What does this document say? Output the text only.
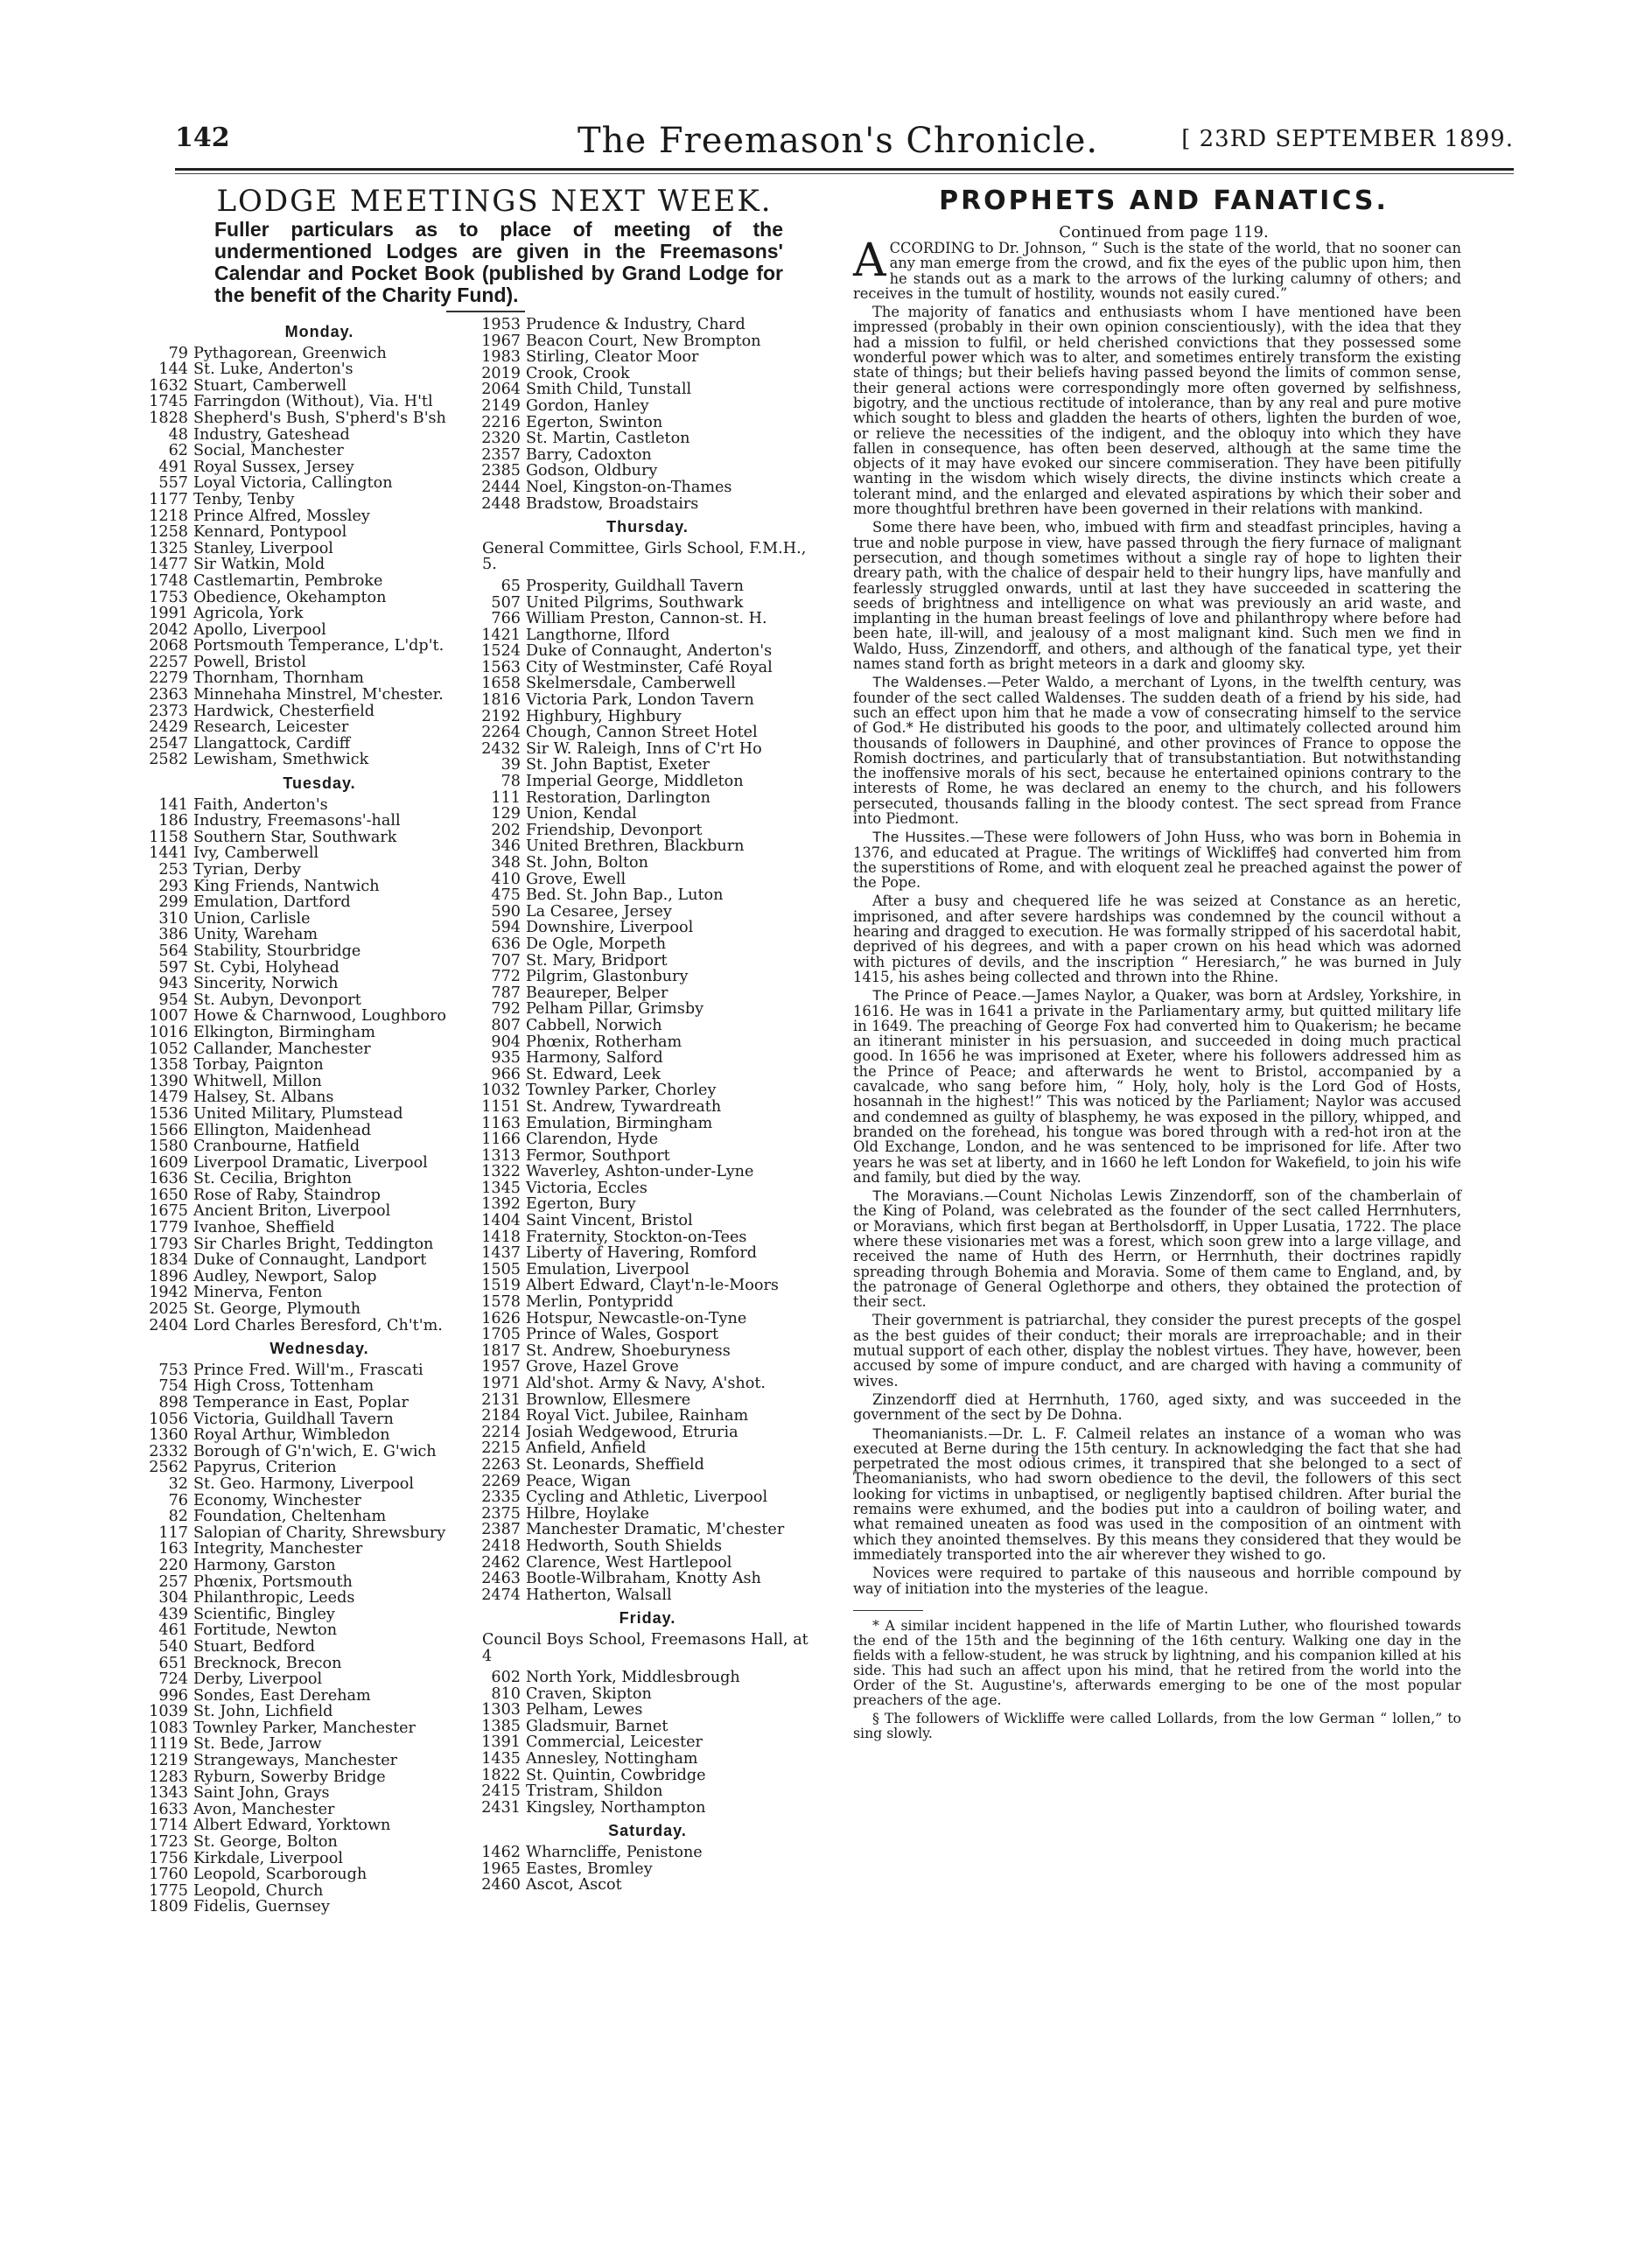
142	The Freemason's Chronicle.	[ 23RD SEPTEMBER 1899.
LODGE MEETINGS NEXT WEEK.
Fuller particulars as to place of meeting of the undermentioned Lodges are given in the Freemasons' Calendar and Pocket Book (published by Grand Lodge for the benefit of the Charity Fund).
Monday.
79 Pythagorean, Greenwich
144 St. Luke, Anderton's
1632 Stuart, Camberwell
1745 Farringdon (Without), Via. H'tl
1828 Shepherd's Bush, S'pherd's B'sh
48 Industry, Gateshead
62 Social, Manchester
491 Royal Sussex, Jersey
557 Loyal Victoria, Callington
1177 Tenby, Tenby
1218 Prince Alfred, Mossley
1258 Kennard, Pontypool
1325 Stanley, Liverpool
1477 Sir Watkin, Mold
1748 Castlemartin, Pembroke
1753 Obedience, Okehampton
1991 Agricola, York
2042 Apollo, Liverpool
2068 Portsmouth Temperance, L'dp't.
2257 Powell, Bristol
2279 Thornham, Thornham
2363 Minnehaha Minstrel, M'chester.
2373 Hardwick, Chesterfield
2429 Research, Leicester
2547 Llangattock, Cardiff
2582 Lewisham, Smethwick
Tuesday.
141 Faith, Anderton's
186 Industry, Freemasons'-hall
1158 Southern Star, Southwark
1441 Ivy, Camberwell
253 Tyrian, Derby
293 King Friends, Nantwich
299 Emulation, Dartford
310 Union, Carlisle
386 Unity, Wareham
564 Stability, Stourbridge
597 St. Cybi, Holyhead
943 Sincerity, Norwich
954 St. Aubyn, Devonport
1007 Howe & Charnwood, Loughboro
1016 Elkington, Birmingham
1052 Callander, Manchester
1358 Torbay, Paignton
1390 Whitwell, Millon
1479 Halsey, St. Albans
1536 United Military, Plumstead
1566 Ellington, Maidenhead
1580 Cranbourne, Hatfield
1609 Liverpool Dramatic, Liverpool
1636 St. Cecilia, Brighton
1650 Rose of Raby, Staindrop
1675 Ancient Briton, Liverpool
1779 Ivanhoe, Sheffield
1793 Sir Charles Bright, Teddington
1834 Duke of Connaught, Landport
1896 Audley, Newport, Salop
1942 Minerva, Fenton
2025 St. George, Plymouth
2404 Lord Charles Beresford, Ch't'm.
Wednesday.
753 Prince Fred. Will'm., Frascati
754 High Cross, Tottenham
898 Temperance in East, Poplar
1056 Victoria, Guildhall Tavern
1360 Royal Arthur, Wimbledon
2332 Borough of G'n'wich, E. G'wich
2562 Papyrus, Criterion
32 St. Geo. Harmony, Liverpool
76 Economy, Winchester
82 Foundation, Cheltenham
117 Salopian of Charity, Shrewsbury
163 Integrity, Manchester
220 Harmony, Garston
257 Phœnix, Portsmouth
304 Philanthropic, Leeds
439 Scientific, Bingley
461 Fortitude, Newton
540 Stuart, Bedford
651 Brecknock, Brecon
724 Derby, Liverpool
996 Sondes, East Dereham
1039 St. John, Lichfield
1083 Townley Parker, Manchester
1119 St. Bede, Jarrow
1219 Strangeways, Manchester
1283 Ryburn, Sowerby Bridge
1343 Saint John, Grays
1633 Avon, Manchester
1714 Albert Edward, Yorktown
1723 St. George, Bolton
1756 Kirkdale, Liverpool
1760 Leopold, Scarborough
1775 Leopold, Church
1809 Fidelis, Guernsey
1953 Prudence & Industry, Chard
1967 Beacon Court, New Brompton
1983 Stirling, Cleator Moor
2019 Crook, Crook
2064 Smith Child, Tunstall
2149 Gordon, Hanley
2216 Egerton, Swinton
2320 St. Martin, Castleton
2357 Barry, Cadoxton
2385 Godson, Oldbury
2444 Noel, Kingston-on-Thames
2448 Bradstow, Broadstairs
Thursday.
General Committee, Girls School, F.M.H., 5.
65 Prosperity, Guildhall Tavern
507 United Pilgrims, Southwark
766 William Preston, Cannon-st. H.
1421 Langthorne, Ilford
1524 Duke of Connaught, Anderton's
1563 City of Westminster, Café Royal
1658 Skelmersdale, Camberwell
1816 Victoria Park, London Tavern
2192 Highbury, Highbury
2264 Chough, Cannon Street Hotel
2432 Sir W. Raleigh, Inns of C'rt Ho
39 St. John Baptist, Exeter
78 Imperial George, Middleton
111 Restoration, Darlington
129 Union, Kendal
202 Friendship, Devonport
346 United Brethren, Blackburn
348 St. John, Bolton
410 Grove, Ewell
475 Bed. St. John Bap., Luton
590 La Cesaree, Jersey
594 Downshire, Liverpool
636 De Ogle, Morpeth
707 St. Mary, Bridport
772 Pilgrim, Glastonbury
787 Beaureper, Belper
792 Pelham Pillar, Grimsby
807 Cabbell, Norwich
904 Phœnix, Rotherham
935 Harmony, Salford
966 St. Edward, Leek
1032 Townley Parker, Chorley
1151 St. Andrew, Tywardreath
1163 Emulation, Birmingham
1166 Clarendon, Hyde
1313 Fermor, Southport
1322 Waverley, Ashton-under-Lyne
1345 Victoria, Eccles
1392 Egerton, Bury
1404 Saint Vincent, Bristol
1418 Fraternity, Stockton-on-Tees
1437 Liberty of Havering, Romford
1505 Emulation, Liverpool
1519 Albert Edward, Clayt'n-le-Moors
1578 Merlin, Pontypridd
1626 Hotspur, Newcastle-on-Tyne
1705 Prince of Wales, Gosport
1817 St. Andrew, Shoeburyness
1957 Grove, Hazel Grove
1971 Ald'shot. Army & Navy, A'shot.
2131 Brownlow, Ellesmere
2184 Royal Vict. Jubilee, Rainham
2214 Josiah Wedgewood, Etruria
2215 Anfield, Anfield
2263 St. Leonards, Sheffield
2269 Peace, Wigan
2335 Cycling and Athletic, Liverpool
2375 Hilbre, Hoylake
2387 Manchester Dramatic, M'chester
2418 Hedworth, South Shields
2462 Clarence, West Hartlepool
2463 Bootle-Wilbraham, Knotty Ash
2474 Hatherton, Walsall
Friday.
Council Boys School, Freemasons Hall, at 4
602 North York, Middlesbrough
810 Craven, Skipton
1303 Pelham, Lewes
1385 Gladsmuir, Barnet
1391 Commercial, Leicester
1435 Annesley, Nottingham
1822 St. Quintin, Cowbridge
2415 Tristram, Shildon
2431 Kingsley, Northampton
Saturday.
1462 Wharncliffe, Penistone
1965 Eastes, Bromley
2460 Ascot, Ascot
PROPHETS AND FANATICS.
Continued from page 119.

ACCORDING to Dr. Johnson, “ Such is the state of the world, that no sooner can any man emerge from the crowd, and fix the eyes of the public upon him, then he stands out as a mark to the arrows of the lurking calumny of others; and receives in the tumult of hostility, wounds not easily cured.”

The majority of fanatics and enthusiasts whom I have mentioned have been impressed (probably in their own opinion conscientiously), with the idea that they had a mission to fulfil, or held cherished convictions that they possessed some wonderful power which was to alter, and sometimes entirely transform the existing state of things; but their beliefs having passed beyond the limits of common sense, their general actions were correspondingly more often governed by selfishness, bigotry, and the unctious rectitude of intolerance, than by any real and pure motive which sought to bless and gladden the hearts of others, lighten the burden of woe, or relieve the necessities of the indigent, and the obloquy into which they have fallen in consequence, has often been deserved, although at the same time the objects of it may have evoked our sincere commiseration. They have been pitifully wanting in the wisdom which wisely directs, the divine instincts which create a tolerant mind, and the enlarged and elevated aspirations by which their sober and more thoughtful brethren have been governed in their relations with mankind.

Some there have been, who, imbued with firm and steadfast principles, having a true and noble purpose in view, have passed through the fiery furnace of malignant persecution, and though sometimes without a single ray of hope to lighten their dreary path, with the chalice of despair held to their hungry lips, have manfully and fearlessly struggled onwards, until at last they have succeeded in scattering the seeds of brightness and intelligence on what was previously an arid waste, and implanting in the human breast feelings of love and philanthropy where before had been hate, ill-will, and jealousy of a most malignant kind. Such men we find in Waldo, Huss, Zinzendorff, and others, and although of the fanatical type, yet their names stand forth as bright meteors in a dark and gloomy sky.

The Waldenses.—Peter Waldo, a merchant of Lyons, in the twelfth century, was founder of the sect called Waldenses. The sudden death of a friend by his side, had such an effect upon him that he made a vow of consecrating himself to the service of God.* He distributed his goods to the poor, and ultimately collected around him thousands of followers in Dauphiné, and other provinces of France to oppose the Romish doctrines, and particularly that of transubstantiation. But notwithstanding the inoffensive morals of his sect, because he entertained opinions contrary to the interests of Rome, he was declared an enemy to the church, and his followers persecuted, thousands falling in the bloody contest. The sect spread from France into Piedmont.

The Hussites.—These were followers of John Huss, who was born in Bohemia in 1376, and educated at Prague. The writings of Wickliffe§ had converted him from the superstitions of Rome, and with eloquent zeal he preached against the power of the Pope.

After a busy and chequered life he was seized at Constance as an heretic, imprisoned, and after severe hardships was condemned by the council without a hearing and dragged to execution. He was formally stripped of his sacerdotal habit, deprived of his degrees, and with a paper crown on his head which was adorned with pictures of devils, and the inscription “ Heresiarch,” he was burned in July 1415, his ashes being collected and thrown into the Rhine.

The Prince of Peace.—James Naylor, a Quaker, was born at Ardsley, Yorkshire, in 1616. He was in 1641 a private in the Parliamentary army, but quitted military life in 1649. The preaching of George Fox had converted him to Quakerism; he became an itinerant minister in his persuasion, and succeeded in doing much practical good. In 1656 he was imprisoned at Exeter, where his followers addressed him as the Prince of Peace; and afterwards he went to Bristol, accompanied by a cavalcade, who sang before him, “ Holy, holy, holy is the Lord God of Hosts, hosannah in the highest!” This was noticed by the Parliament; Naylor was accused and condemned as guilty of blasphemy, he was exposed in the pillory, whipped, and branded on the forehead, his tongue was bored through with a red-hot iron at the Old Exchange, London, and he was sentenced to be imprisoned for life. After two years he was set at liberty, and in 1660 he left London for Wakefield, to join his wife and family, but died by the way.

The Moravians.—Count Nicholas Lewis Zinzendorff, son of the chamberlain of the King of Poland, was celebrated as the founder of the sect called Herrnhuters, or Moravians, which first began at Bertholsdorff, in Upper Lusatia, 1722. The place where these visionaries met was a forest, which soon grew into a large village, and received the name of Huth des Herrn, or Herrnhuth, their doctrines rapidly spreading through Bohemia and Moravia. Some of them came to England, and, by the patronage of General Oglethorpe and others, they obtained the protection of their sect.

Their government is patriarchal, they consider the purest precepts of the gospel as the best guides of their conduct; their morals are irreproachable; and in their mutual support of each other, display the noblest virtues. They have, however, been accused by some of impure conduct, and are charged with having a community of wives.

Zinzendorff died at Herrnhuth, 1760, aged sixty, and was succeeded in the government of the sect by De Dohna.

Theomanianists.—Dr. L. F. Calmeil relates an instance of a woman who was executed at Berne during the 15th century. In acknowledging the fact that she had perpetrated the most odious crimes, it transpired that she belonged to a sect of Theomanianists, who had sworn obedience to the devil, the followers of this sect looking for victims in unbaptised, or negligently baptised children. After burial the remains were exhumed, and the bodies put into a cauldron of boiling water, and what remained uneaten as food was used in the composition of an ointment with which they anointed themselves. By this means they considered that they would be immediately transported into the air wherever they wished to go.

Novices were required to partake of this nauseous and horrible compound by way of initiation into the mysteries of the league.

* A similar incident happened in the life of Martin Luther, who flourished towards the end of the 15th and the beginning of the 16th century. Walking one day in the fields with a fellow-student, he was struck by lightning, and his companion killed at his side. This had such an affect upon his mind, that he retired from the world into the Order of the St. Augustine's, afterwards emerging to be one of the most popular preachers of the age.

§ The followers of Wickliffe were called Lollards, from the low German “ lollen,” to sing slowly.
